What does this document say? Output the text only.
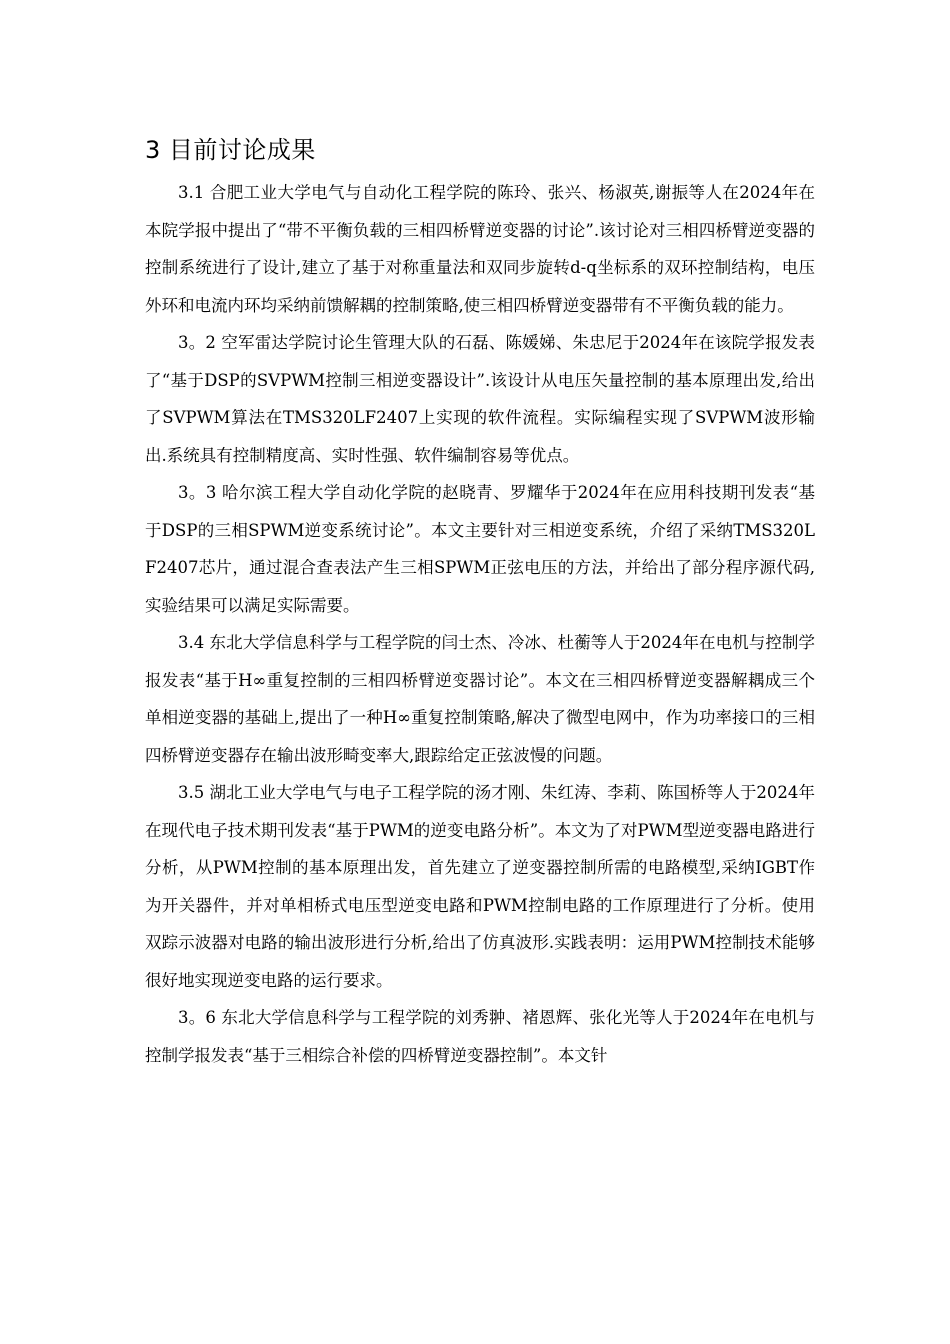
3 目前讨论成果

3.1 合肥工业大学电气与自动化工程学院的陈玲、张兴、杨淑英,谢振等人在2024年在本院学报中提出了“带不平衡负载的三相四桥臂逆变器的讨论”.该讨论对三相四桥臂逆变器的控制系统进行了设计,建立了基于对称重量法和双同步旋转d-q坐标系的双环控制结构，电压外环和电流内环均采纳前馈解耦的控制策略,使三相四桥臂逆变器带有不平衡负载的能力。

3。2 空军雷达学院讨论生管理大队的石磊、陈媛娣、朱忠尼于2024年在该院学报发表了“基于DSP的SVPWM控制三相逆变器设计”.该设计从电压矢量控制的基本原理出发,给出了SVPWM算法在TMS320LF2407上实现的软件流程。实际编程实现了SVPWM波形输出.系统具有控制精度高、实时性强、软件编制容易等优点。

3。3 哈尔滨工程大学自动化学院的赵晓青、罗耀华于2024年在应用科技期刊发表“基于DSP的三相SPWM逆变系统讨论”。本文主要针对三相逆变系统，介绍了采纳TMS320LF2407芯片，通过混合查表法产生三相SPWM正弦电压的方法，并给出了部分程序源代码,实验结果可以满足实际需要。

3.4 东北大学信息科学与工程学院的闫士杰、冷冰、杜蘅等人于2024年在电机与控制学报发表“基于H∞重复控制的三相四桥臂逆变器讨论”。本文在三相四桥臂逆变器解耦成三个单相逆变器的基础上,提出了一种H∞重复控制策略,解决了微型电网中，作为功率接口的三相四桥臂逆变器存在输出波形畸变率大,跟踪给定正弦波慢的问题。

3.5 湖北工业大学电气与电子工程学院的汤才刚、朱红涛、李莉、陈国桥等人于2024年在现代电子技术期刊发表“基于PWM的逆变电路分析”。本文为了对PWM型逆变器电路进行分析，从PWM控制的基本原理出发，首先建立了逆变器控制所需的电路模型,采纳IGBT作为开关器件，并对单相桥式电压型逆变电路和PWM控制电路的工作原理进行了分析。使用双踪示波器对电路的输出波形进行分析,给出了仿真波形.实践表明：运用PWM控制技术能够很好地实现逆变电路的运行要求。

3。6 东北大学信息科学与工程学院的刘秀翀、褚恩辉、张化光等人于2024年在电机与控制学报发表“基于三相综合补偿的四桥臂逆变器控制”。本文针
